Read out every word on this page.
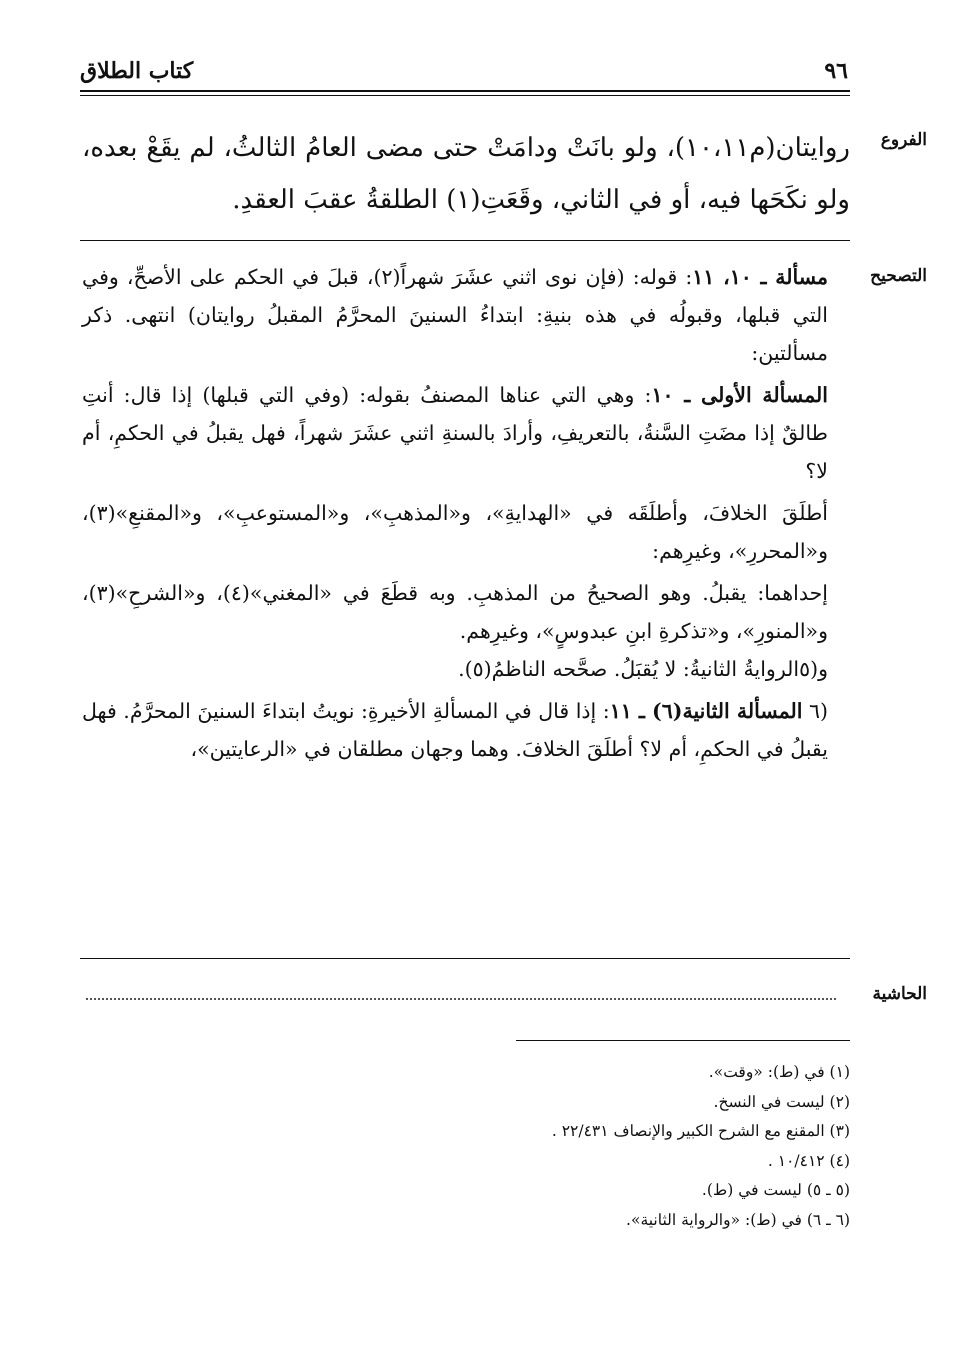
٩٦
كتاب الطلاق
الفروع
روايتان(م١٠،١١)، ولو بانَتْ ودامَتْ حتى مضى العامُ الثالثُ، لم يقَعْ بعده، ولو نكَحَها فيه، أو في الثاني، وقَعَتِ(١) الطلقةُ عقبَ العقدِ.
التصحيح

مسألة ـ ١٠، ١١: قوله: (فإن نوى اثني عشَرَ شهراً(٢)، قبلَ في الحكم على الأصحِّ، وفي التي قبلها، وقبولُه في هذه بنيةِ: ابتداءُ السنينَ المحرَّمُ المقبلُ روايتان) انتهى. ذكر مسألتين:

المسألة الأولى ـ ١٠: وهي التي عناها المصنفُ بقوله: (وفي التي قبلها) إذا قال: أنتِ طالقٌ إذا مضَتِ السَّنةُ، بالتعريفِ، وأرادَ بالسنةِ اثني عشَرَ شهراً، فهل يقبلُ في الحكمِ، أم لا؟

أطلَقَ الخلافَ، وأطلَقَه في «الهدايةِ»، و«المذهبِ»، و«المستوعبِ»، و«المقنعِ»(٣)، و«المحررِ»، وغيرِهم:

إحداهما: يقبلُ. وهو الصحيحُ من المذهبِ. وبه قطَعَ في «المغني»(٤)، و«الشرحِ»(٣)، و«المنورِ»، و«تذكرةِ ابنِ عبدوسٍ»، وغيرِهم.

و(٥الروايةُ الثانيةُ: لا يُقبَلُ. صحَّحه الناظمُ(٥).

(٦ المسألة الثانية(٦) ـ ١١: إذا قال في المسألةِ الأخيرةِ: نويتُ ابتداءَ السنينَ المحرَّمُ. فهل يقبلُ في الحكمِ، أم لا؟ أطلَقَ الخلافَ. وهما وجهان مطلقان في «الرعايتين»،

الحاشية
(١) في (ط): «وقت».
(٢) ليست في النسخ.
(٣) المقنع مع الشرح الكبير والإنصاف ٢٢/٤٣١ .
(٤) ١٠/٤١٢ .
(٥ ـ ٥) ليست في (ط).
(٦ ـ ٦) في (ط): «والرواية الثانية».
